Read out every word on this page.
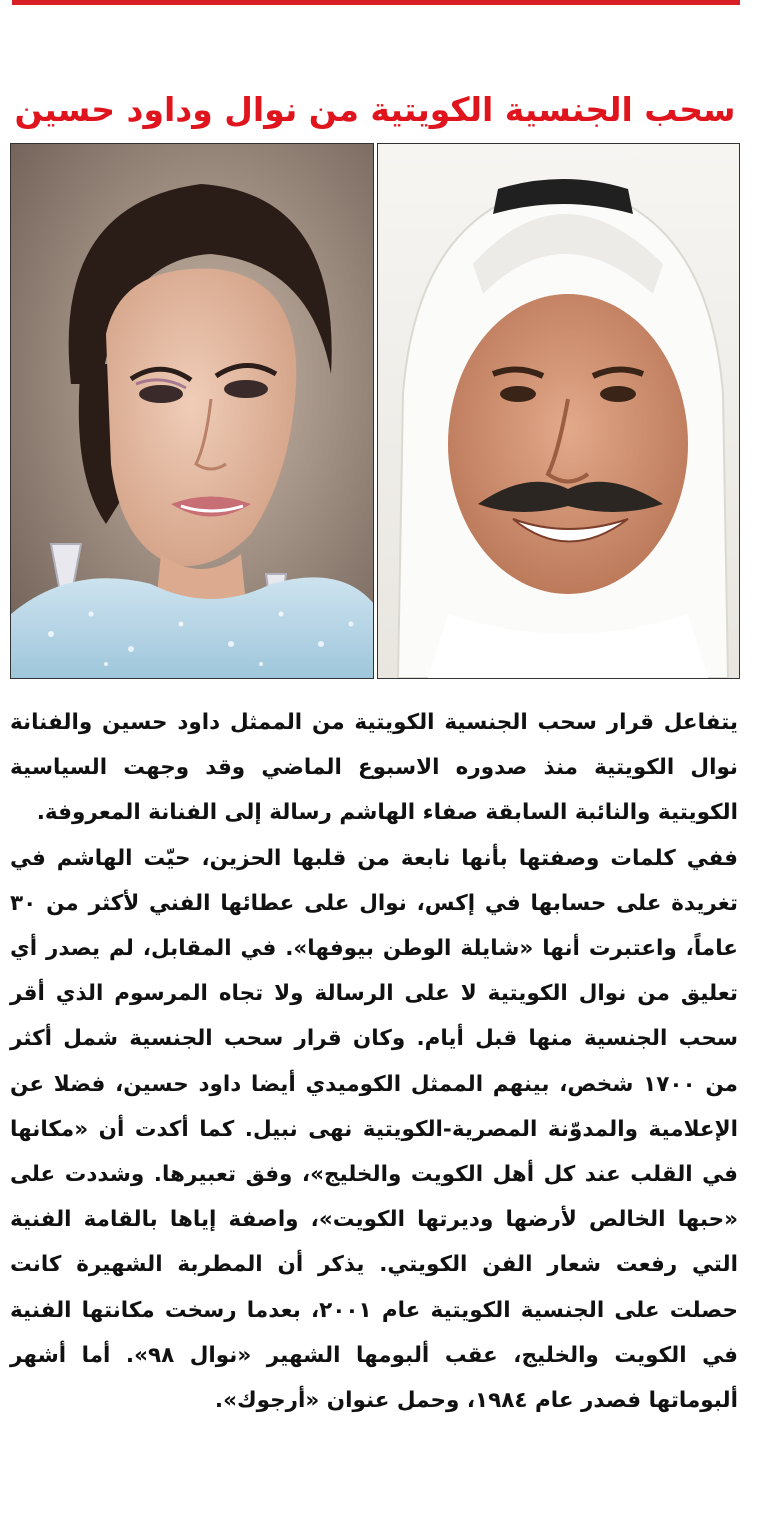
سحب الجنسية الكويتية من نوال وداود حسين

يتفاعل قرار سحب الجنسية الكويتية من الممثل داود حسين والفنانة نوال الكويتية منذ صدوره الاسبوع الماضي وقد وجهت السياسية الكويتية والنائبة السابقة صفاء الهاشم رسالة إلى الفنانة المعروفة.

ففي كلمات وصفتها بأنها نابعة من قلبها الحزين، حيّت الهاشم في تغريدة على حسابها في إكس، نوال على عطائها الفني لأكثر من ٣٠ عاماً، واعتبرت أنها «شايلة الوطن بيوفها». في المقابل، لم يصدر أي تعليق من نوال الكويتية لا على الرسالة ولا تجاه المرسوم الذي أقر سحب الجنسية منها قبل أيام. وكان قرار سحب الجنسية شمل أكثر من ١٧٠٠ شخص، بينهم الممثل الكوميدي أيضا داود حسين، فضلا عن الإعلامية والمدوّنة المصرية-الكويتية نهى نبيل. كما أكدت أن «مكانها في القلب عند كل أهل الكويت والخليج»، وفق تعبيرها. وشددت على «حبها الخالص لأرضها وديرتها الكويت»، واصفة إياها بالقامة الفنية التي رفعت شعار الفن الكويتي. يذكر أن المطربة الشهيرة كانت حصلت على الجنسية الكويتية عام ٢٠٠١، بعدما رسخت مكانتها الفنية في الكويت والخليج، عقب ألبومها الشهير «نوال ٩٨». أما أشهر ألبوماتها فصدر عام ١٩٨٤، وحمل عنوان «أرجوك».
